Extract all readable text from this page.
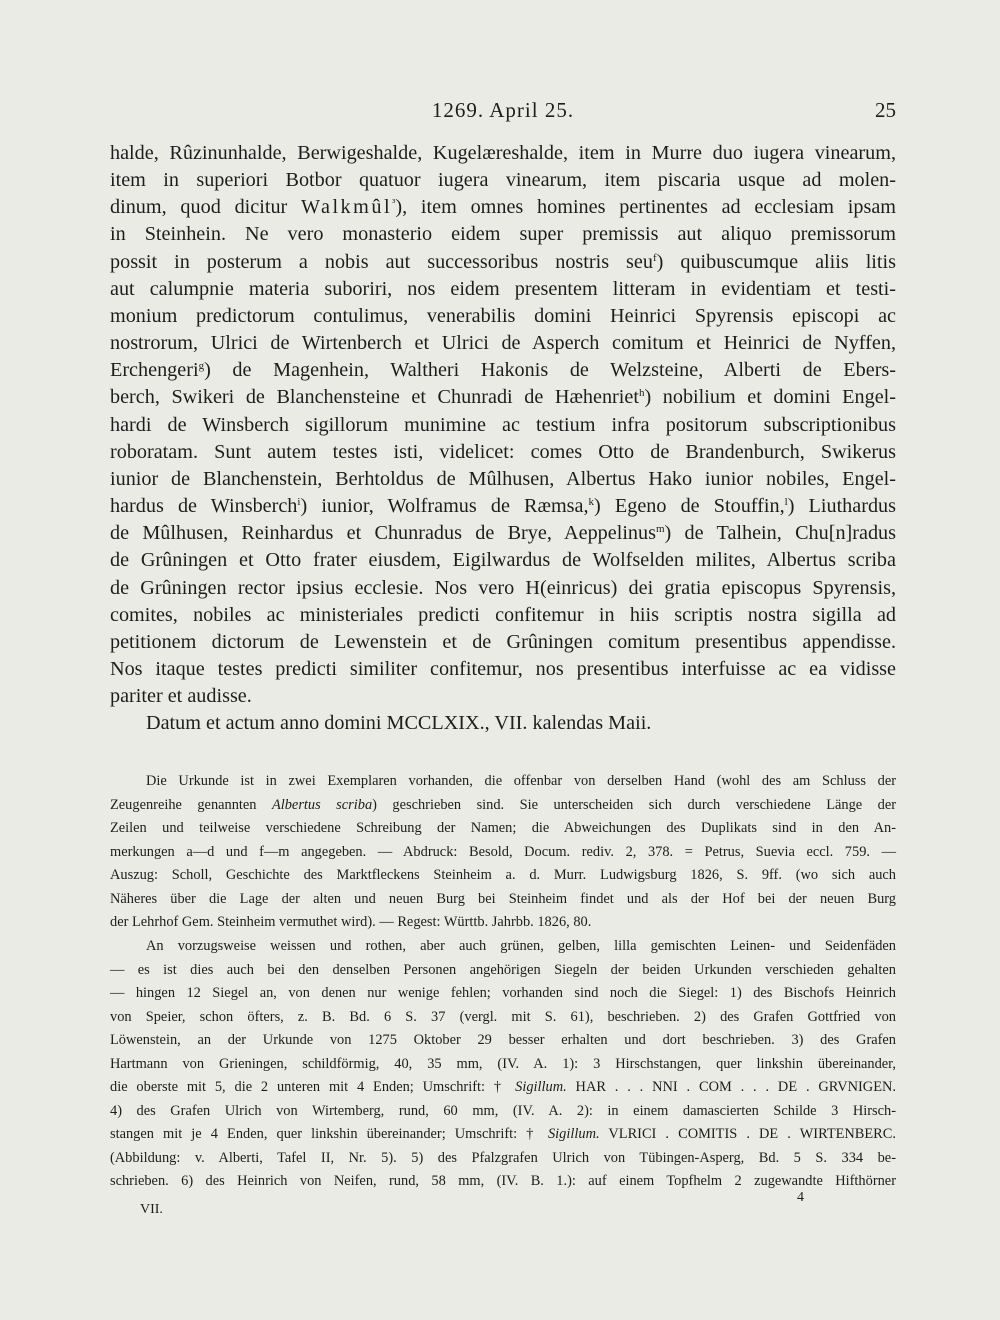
1269. April 25.	25
halde, Rûzinunhalde, Berwigeshalde, Kugelæreshalde, item in Murre duo iugera vinearum,
item in superiori Botbor quatuor iugera vinearum, item piscaria usque ad molen-
dinum, quod dicitur Walkmûl$^{^3}$), item omnes homines pertinentes ad ecclesiam ipsam
in Steinhein. Ne vero monasterio eidem super premissis aut aliquo premissorum
possit in posterum a nobis aut successoribus nostris seu$^f$) quibuscumque aliis litis
aut calumpnie materia suboriri, nos eidem presentem litteram in evidentiam et testi-
monium predictorum contulimus, venerabilis domini Heinrici Spyrensis episcopi ac
nostrorum, Ulrici de Wirtenberch et Ulrici de Asperch comitum et Heinrici de Nyffen,
Erchengeri$^g$) de Magenhein, Waltheri Hakonis de Welzsteine, Alberti de Ebers-
berch, Swikeri de Blanchensteine et Chunradi de Hæhenriet$^h$) nobilium et domini Engel-
hardi de Winsberch sigillorum munimine ac testium infra positorum subscriptionibus
roboratam. Sunt autem testes isti, videlicet: comes Otto de Brandenburch, Swikerus
iunior de Blanchenstein, Berhtoldus de Mûlhusen, Albertus Hako iunior nobiles, Engel-
hardus de Winsberch$^i$) iunior, Wolframus de Ræmsa,$^k$) Egeno de Stouffin,$^l$) Liuthardus
de Mûlhusen, Reinhardus et Chunradus de Brye, Aeppelinus$^m$) de Talhein, Chu[n]radus
de Grûningen et Otto frater eiusdem, Eigilwardus de Wolfselden milites, Albertus scriba
de Grûningen rector ipsius ecclesie. Nos vero H(einricus) dei gratia episcopus Spyrensis,
comites, nobiles ac ministeriales predicti confitemur in hiis scriptis nostra sigilla ad
petitionem dictorum de Lewenstein et de Grûningen comitum presentibus appendisse.
Nos itaque testes predicti similiter confitemur, nos presentibus interfuisse ac ea vidisse
pariter et audisse.
Datum et actum anno domini MCCLXIX., VII. kalendas Maii.
Die Urkunde ist in zwei Exemplaren vorhanden, die offenbar von derselben Hand (wohl des am Schluss der
Zeugenreihe genannten Albertus scriba) geschrieben sind. Sie unterscheiden sich durch verschiedene Länge der
Zeilen und teilweise verschiedene Schreibung der Namen; die Abweichungen des Duplikats sind in den An-
merkungen a—d und f—m angegeben. — Abdruck: Besold, Docum. rediv. 2, 378. = Petrus, Suevia eccl. 759. —
Auszug: Scholl, Geschichte des Marktfleckens Steinheim a. d. Murr. Ludwigsburg 1826, S. 9ff. (wo sich auch
Näheres über die Lage der alten und neuen Burg bei Steinheim findet und als der Hof bei der neuen Burg
der Lehrhof Gem. Steinheim vermuthet wird). — Regest: Württb. Jahrbb. 1826, 80.
An vorzugsweise weissen und rothen, aber auch grünen, gelben, lilla gemischten Leinen- und Seidenfäden
— es ist dies auch bei den denselben Personen angehörigen Siegeln der beiden Urkunden verschieden gehalten
— hingen 12 Siegel an, von denen nur wenige fehlen; vorhanden sind noch die Siegel: 1) des Bischofs Heinrich
von Speier, schon öfters, z. B. Bd. 6 S. 37 (vergl. mit S. 61), beschrieben. 2) des Grafen Gottfried von
Löwenstein, an der Urkunde von 1275 Oktober 29 besser erhalten und dort beschrieben. 3) des Grafen
Hartmann von Grieningen, schildförmig, 40, 35 mm, (IV. A. 1): 3 Hirschstangen, quer linkshin übereinander,
die oberste mit 5, die 2 unteren mit 4 Enden; Umschrift: † Sigillum. HAR . . . NNI . COM . . . DE . GRVNIGEN.
4) des Grafen Ulrich von Wirtemberg, rund, 60 mm, (IV. A. 2): in einem damascierten Schilde 3 Hirsch-
stangen mit je 4 Enden, quer linkshin übereinander; Umschrift: † Sigillum. VLRICI . COMITIS . DE . WIRTENBERC.
(Abbildung: v. Alberti, Tafel II, Nr. 5). 5) des Pfalzgrafen Ulrich von Tübingen-Asperg, Bd. 5 S. 334 be-
schrieben. 6) des Heinrich von Neifen, rund, 58 mm, (IV. B. 1.): auf einem Topfhelm 2 zugewandte Hifthörner
VII.
4
